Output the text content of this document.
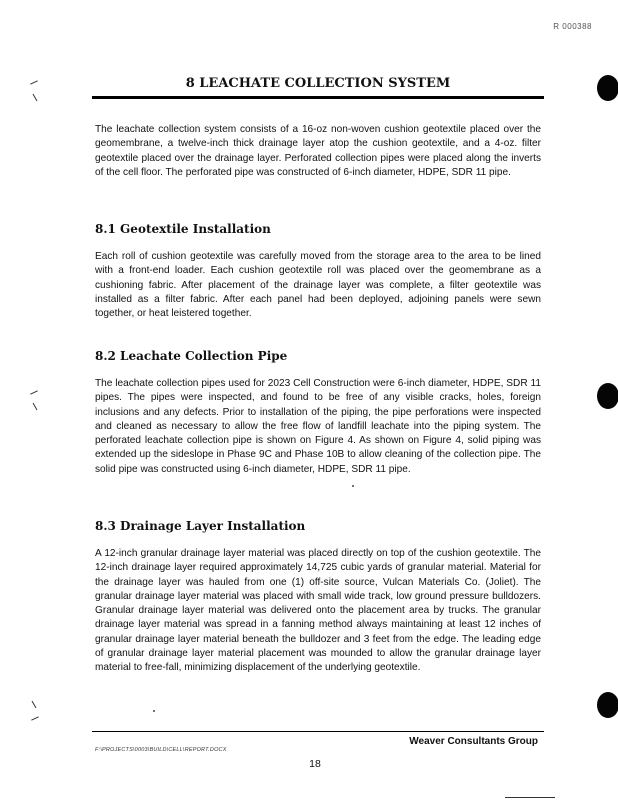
R 000388
8 LEACHATE COLLECTION SYSTEM

The leachate collection system consists of a 16-oz non-woven cushion geotextile placed over the geomembrane, a twelve-inch thick drainage layer atop the cushion geotextile, and a 4-oz. filter geotextile placed over the drainage layer. Perforated collection pipes were placed along the inverts of the cell floor. The perforated pipe was constructed of 6-inch diameter, HDPE, SDR 11 pipe.

8.1 Geotextile Installation

Each roll of cushion geotextile was carefully moved from the storage area to the area to be lined with a front-end loader. Each cushion geotextile roll was placed over the geomembrane as a cushioning fabric. After placement of the drainage layer was complete, a filter geotextile was installed as a filter fabric. After each panel had been deployed, adjoining panels were sewn together, or heat leistered together.

8.2 Leachate Collection Pipe

The leachate collection pipes used for 2023 Cell Construction were 6-inch diameter, HDPE, SDR 11 pipes. The pipes were inspected, and found to be free of any visible cracks, holes, foreign inclusions and any defects. Prior to installation of the piping, the pipe perforations were inspected and cleaned as necessary to allow the free flow of landfill leachate into the piping system. The perforated leachate collection pipe is shown on Figure 4. As shown on Figure 4, solid piping was extended up the sideslope in Phase 9C and Phase 10B to allow cleaning of the collection pipe. The solid pipe was constructed using 6-inch diameter, HDPE, SDR 11 pipe.

8.3 Drainage Layer Installation

A 12-inch granular drainage layer material was placed directly on top of the cushion geotextile. The 12-inch drainage layer required approximately 14,725 cubic yards of granular material. Material for the drainage layer was hauled from one (1) off-site source, Vulcan Materials Co. (Joliet). The granular drainage layer material was placed with small wide track, low ground pressure bulldozers. Granular drainage layer material was delivered onto the placement area by trucks. The granular drainage layer material was spread in a fanning method always maintaining at least 12 inches of granular drainage layer material beneath the bulldozer and 3 feet from the edge. The leading edge of granular drainage layer material placement was mounded to allow the granular drainage layer material to free-fall, minimizing displacement of the underlying geotextile.

Weaver Consultants Group
F:\PROJECTS\0003\BUILD\CELL\REPORT.DOCX
18
